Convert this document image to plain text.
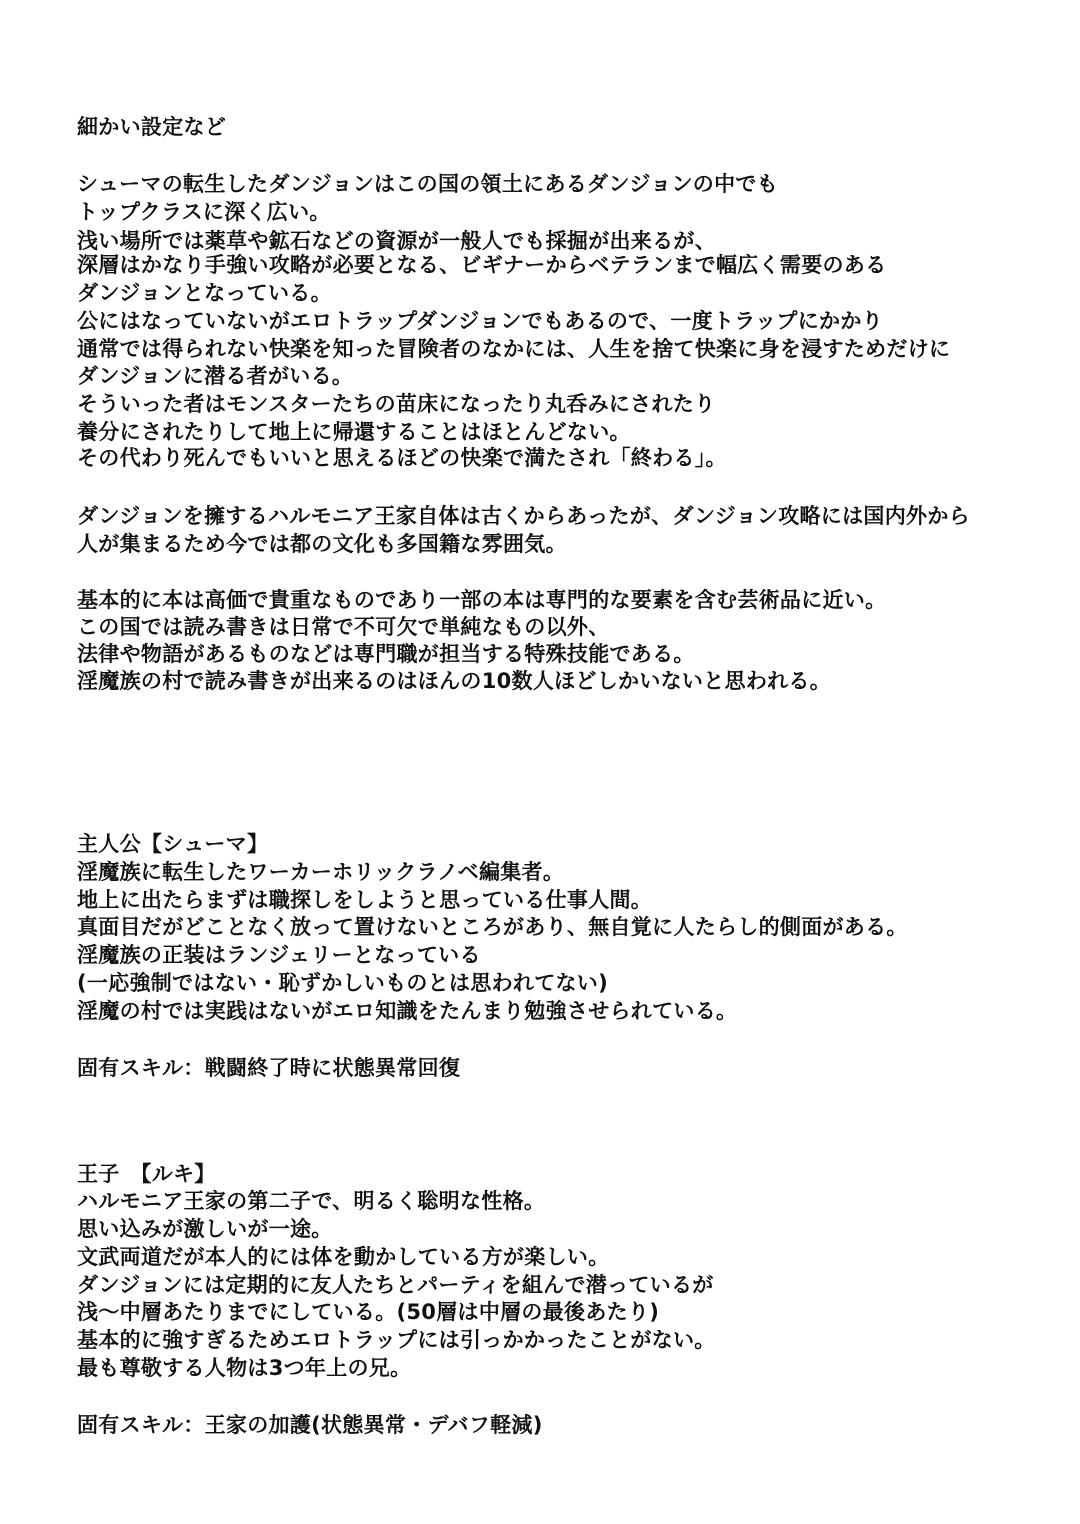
細かい設定など
シューマの転生したダンジョンはこの国の領土にあるダンジョンの中でも
トップクラスに深く広い。
浅い場所では薬草や鉱石などの資源が一般人でも採掘が出来るが、
深層はかなり手強い攻略が必要となる、ビギナーからベテランまで幅広く需要のある
ダンジョンとなっている。
公にはなっていないがエロトラップダンジョンでもあるので、一度トラップにかかり
通常では得られない快楽を知った冒険者のなかには、人生を捨て快楽に身を浸すためだけに
ダンジョンに潜る者がいる。
そういった者はモンスターたちの苗床になったり丸呑みにされたり
養分にされたりして地上に帰還することはほとんどない。
その代わり死んでもいいと思えるほどの快楽で満たされ「終わる」。
ダンジョンを擁するハルモニア王家自体は古くからあったが、ダンジョン攻略には国内外から
人が集まるため今では都の文化も多国籍な雰囲気。
基本的に本は高価で貴重なものであり一部の本は専門的な要素を含む芸術品に近い。
この国では読み書きは日常で不可欠で単純なもの以外、
法律や物語があるものなどは専門職が担当する特殊技能である。
淫魔族の村で読み書きが出来るのはほんの10数人ほどしかいないと思われる。
主人公【シューマ】
淫魔族に転生したワーカーホリックラノベ編集者。
地上に出たらまずは職探しをしようと思っている仕事人間。
真面目だがどことなく放って置けないところがあり、無自覚に人たらし的側面がある。
淫魔族の正装はランジェリーとなっている
(一応強制ではない・恥ずかしいものとは思われてない)
淫魔の村では実践はないがエロ知識をたんまり勉強させられている。
固有スキル：戦闘終了時に状態異常回復
王子　【ルキ】
ハルモニア王家の第二子で、明るく聡明な性格。
思い込みが激しいが一途。
文武両道だが本人的には体を動かしている方が楽しい。
ダンジョンには定期的に友人たちとパーティを組んで潜っているが
浅～中層あたりまでにしている。(50層は中層の最後あたり)
基本的に強すぎるためエロトラップには引っかかったことがない。
最も尊敬する人物は3つ年上の兄。
固有スキル：王家の加護(状態異常・デバフ軽減)
